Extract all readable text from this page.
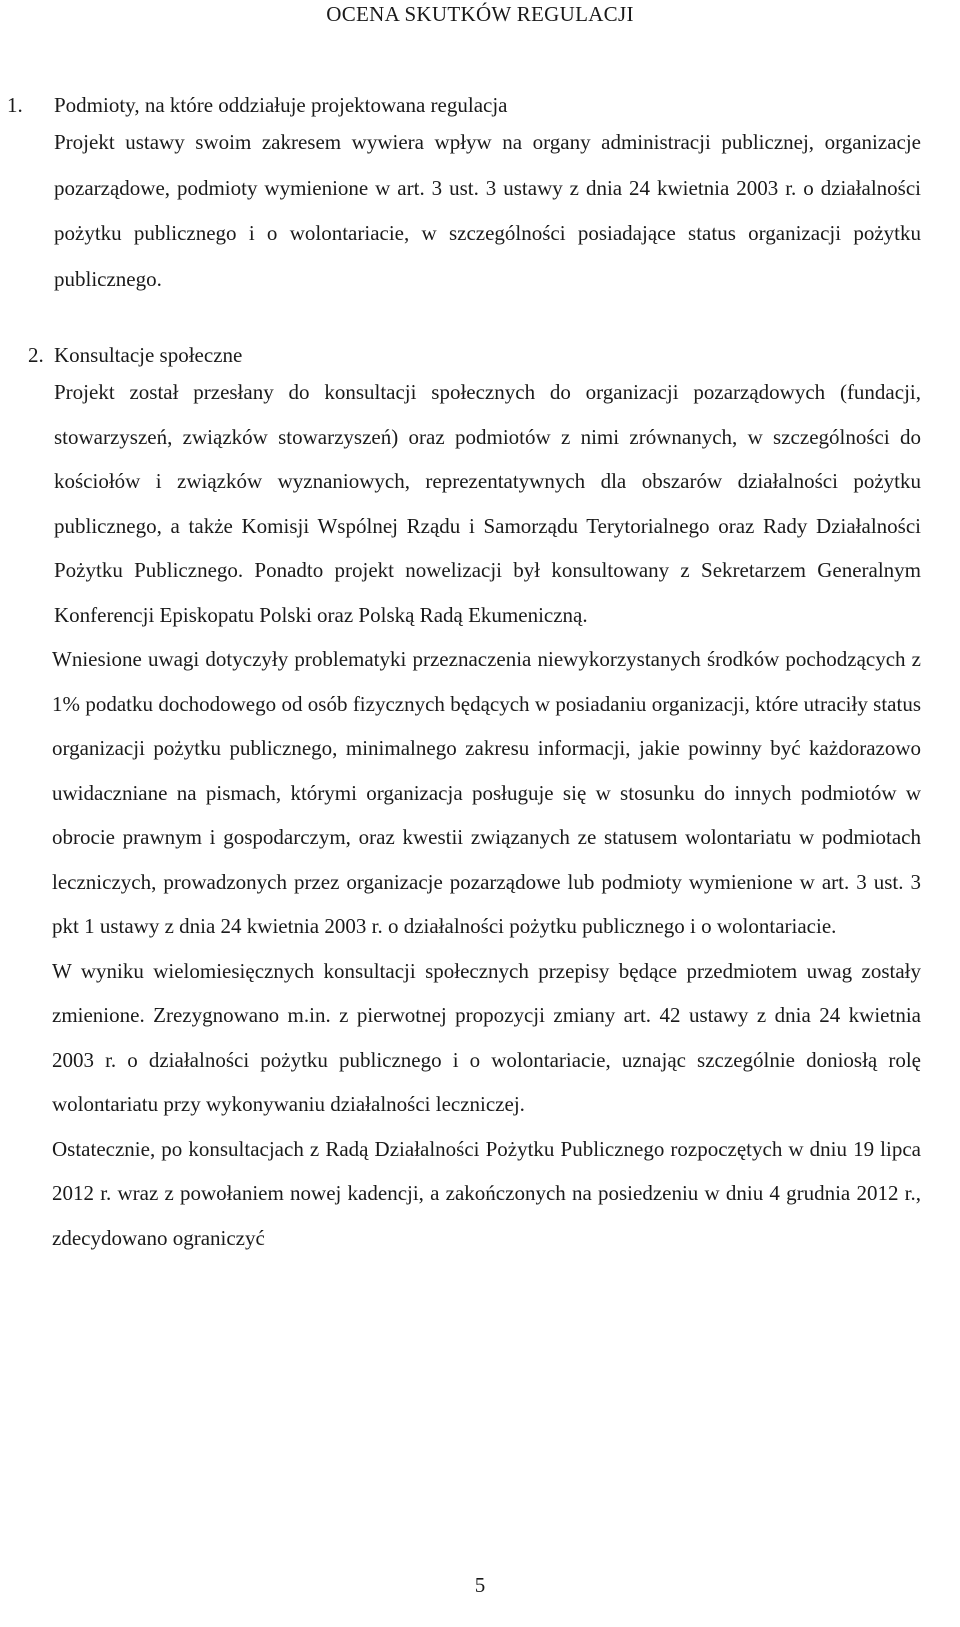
OCENA SKUTKÓW REGULACJI
1. Podmioty, na które oddziałuje projektowana regulacja

Projekt ustawy swoim zakresem wywiera wpływ na organy administracji publicznej, organizacje pozarządowe, podmioty wymienione w art. 3 ust. 3 ustawy z dnia 24 kwietnia 2003 r. o działalności pożytku publicznego i o wolontariacie, w szczególności posiadające status organizacji pożytku publicznego.

2. Konsultacje społeczne

Projekt został przesłany do konsultacji społecznych do organizacji pozarządowych (fundacji, stowarzyszeń, związków stowarzyszeń) oraz podmiotów z nimi zrównanych, w szczególności do kościołów i związków wyznaniowych, reprezentatywnych dla obszarów działalności pożytku publicznego, a także Komisji Wspólnej Rządu i Samorządu Terytorialnego oraz Rady Działalności Pożytku Publicznego. Ponadto projekt nowelizacji był konsultowany z Sekretarzem Generalnym Konferencji Episkopatu Polski oraz Polską Radą Ekumeniczną.

Wniesione uwagi dotyczyły problematyki przeznaczenia niewykorzystanych środków pochodzących z 1% podatku dochodowego od osób fizycznych będących w posiadaniu organizacji, które utraciły status organizacji pożytku publicznego, minimalnego zakresu informacji, jakie powinny być każdorazowo uwidaczniane na pismach, którymi organizacja posługuje się w stosunku do innych podmiotów w obrocie prawnym i gospodarczym, oraz kwestii związanych ze statusem wolontariatu w podmiotach leczniczych, prowadzonych przez organizacje pozarządowe lub podmioty wymienione w art. 3 ust. 3 pkt 1 ustawy z dnia 24 kwietnia 2003 r. o działalności pożytku publicznego i o wolontariacie.

W wyniku wielomiesięcznych konsultacji społecznych przepisy będące przedmiotem uwag zostały zmienione. Zrezygnowano m.in. z pierwotnej propozycji zmiany art. 42 ustawy z dnia 24 kwietnia 2003 r. o działalności pożytku publicznego i o wolontariacie, uznając szczególnie doniosłą rolę wolontariatu przy wykonywaniu działalności leczniczej.

Ostatecznie, po konsultacjach z Radą Działalności Pożytku Publicznego rozpoczętych w dniu 19 lipca 2012 r. wraz z powołaniem nowej kadencji, a zakończonych na posiedzeniu w dniu 4 grudnia 2012 r., zdecydowano ograniczyć

5
